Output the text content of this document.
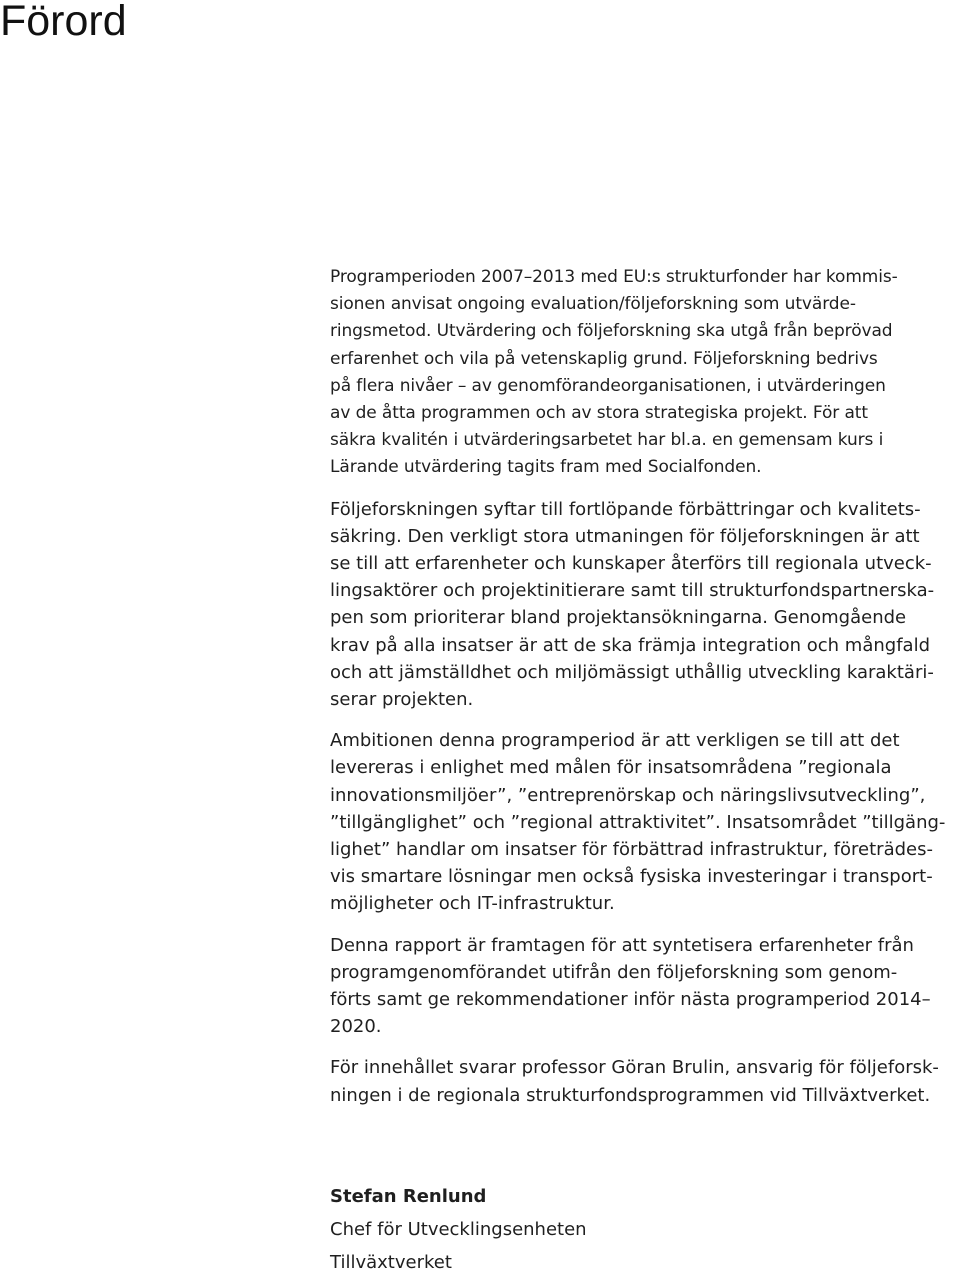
Förord

Programperioden 2007–2013 med EU:s strukturfonder har kommis-
sionen anvisat ongoing evaluation/följeforskning som utvärde-
ringsmetod. Utvärdering och följeforskning ska utgå från beprövad
erfarenhet och vila på vetenskaplig grund. Följeforskning bedrivs
på flera nivåer – av genomförandeorganisationen, i utvärderingen
av de åtta programmen och av stora strategiska projekt. För att
säkra kvalitén i utvärderingsarbetet har bl.a. en gemensam kurs i
Lärande utvärdering tagits fram med Socialfonden.

Följeforskningen syftar till fortlöpande förbättringar och kvalitets-
säkring. Den verkligt stora utmaningen för följeforskningen är att
se till att erfarenheter och kunskaper återförs till regionala utveck-
lingsaktörer och projektinitierare samt till strukturfondspartnerska-
pen som prioriterar bland projektansökningarna. Genomgående
krav på alla insatser är att de ska främja integration och mångfald
och att jämställdhet och miljömässigt uthållig utveckling karaktäri-
serar projekten.

Ambitionen denna programperiod är att verkligen se till att det
levereras i enlighet med målen för insatsområdena ”regionala
innovationsmiljöer”, ”entreprenörskap och näringslivsutveckling”,
”tillgänglighet” och ”regional attraktivitet”. Insatsområdet ”tillgäng-
lighet” handlar om insatser för förbättrad infrastruktur, företrädes-
vis smartare lösningar men också fysiska investeringar i transport-
möjligheter och IT-infrastruktur.

Denna rapport är framtagen för att syntetisera erfarenheter från
programgenomförandet utifrån den följeforskning som genom-
förts samt ge rekommendationer inför nästa programperiod 2014–
2020.

För innehållet svarar professor Göran Brulin, ansvarig för följeforsk-
ningen i de regionala strukturfondsprogrammen vid Tillväxtverket.

Stefan Renlund
Chef för Utvecklingsenheten
Tillväxtverket
